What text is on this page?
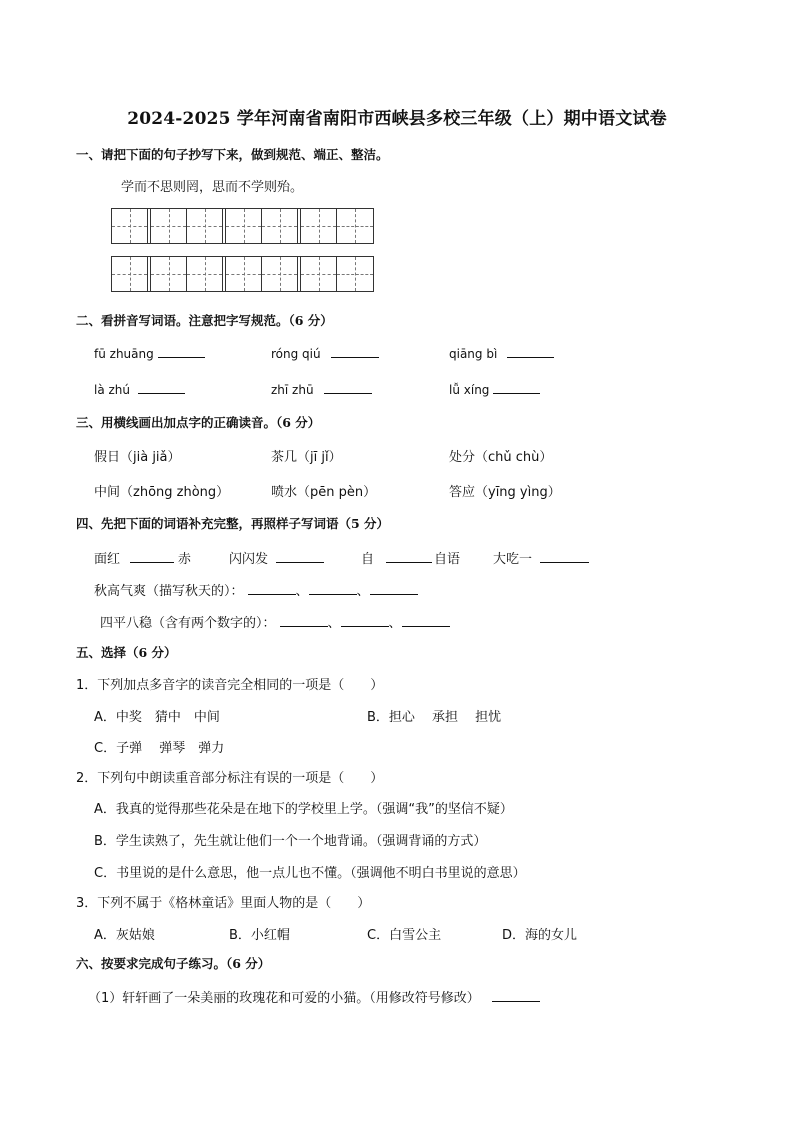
2024-2025 学年河南省南阳市西峡县多校三年级（上）期中语文试卷
一、请把下面的句子抄写下来，做到规范、端正、整洁。
学而不思则罔，思而不学则殆。
二、看拼音写词语。注意把字写规范。（6 分）
fū zhuāng	róng qiú	qiāng bì
là zhú	zhī zhū	lǚ xíng
三、用横线画出加点字的正确读音。（6 分）
假日（jià jiǎ）	茶几（jī jǐ）	处分（chǔ chù）
中间（zhōng zhòng）	喷水（pēn pèn）	答应（yīng yìng）
四、先把下面的词语补充完整，再照样子写词语（5 分）
面红	赤	闪闪发	自	自语	大吃一
秋高气爽（描写秋天的）：	、	、
四平八稳（含有两个数字的）：	、	、
五、选择（6 分）
1．下列加点多音字的读音完全相同的一项是（　　）
A．中奖　猜中　中间	B．担心　 承担　 担忧
C．子弹　 弹琴　弹力
2．下列句中朗读重音部分标注有误的一项是（　　）
A．我真的觉得那些花朵是在地下的学校里上学。（强调“我”的坚信不疑）
B．学生读熟了，先生就让他们一个一个地背诵。（强调背诵的方式）
C．书里说的是什么意思，他一点儿也不懂。（强调他不明白书里说的意思）
3．下列不属于《格林童话》里面人物的是（　　）
A．灰姑娘	B．小红帽	C．白雪公主	D．海的女儿
六、按要求完成句子练习。（6 分）
（1）轩轩画了一朵美丽的玫瑰花和可爱的小猫。（用修改符号修改）
